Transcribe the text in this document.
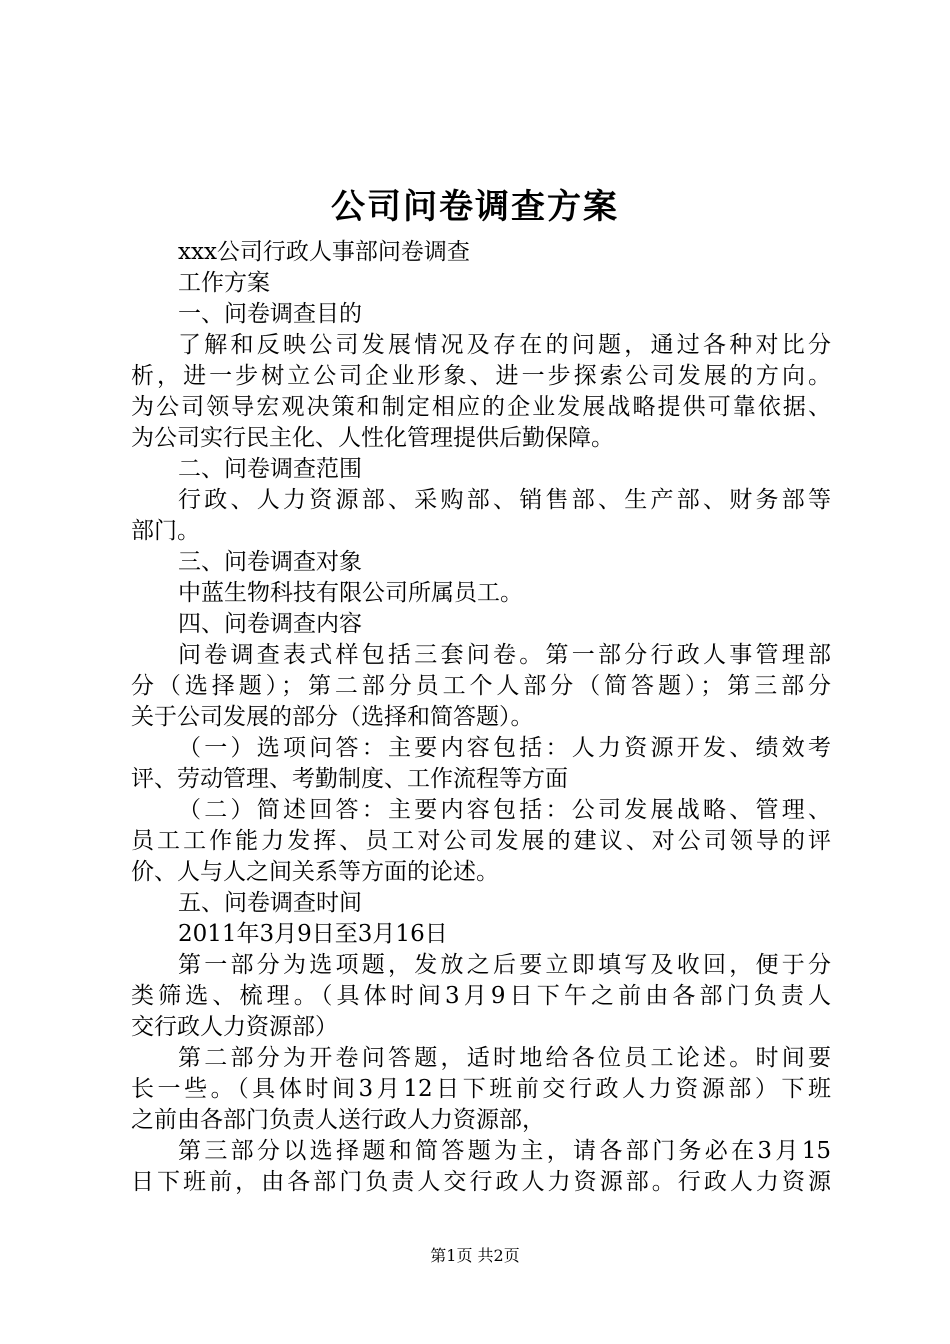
公司问卷调查方案
xxx公司行政人事部问卷调查
工作方案
一、问卷调查目的
了解和反映公司发展情况及存在的问题，通过各种对比分
析，进一步树立公司企业形象、进一步探索公司发展的方向。
为公司领导宏观决策和制定相应的企业发展战略提供可靠依据、
为公司实行民主化、人性化管理提供后勤保障。
二、问卷调查范围
行政、人力资源部、采购部、销售部、生产部、财务部等
部门。
三、问卷调查对象
中蓝生物科技有限公司所属员工。
四、问卷调查内容
问卷调查表式样包括三套问卷。第一部分行政人事管理部
分（选择题）；第二部分员工个人部分（简答题）；第三部分
关于公司发展的部分（选择和简答题）。
（一）选项问答：主要内容包括：人力资源开发、绩效考
评、劳动管理、考勤制度、工作流程等方面
（二）简述回答：主要内容包括：公司发展战略、管理、
员工工作能力发挥、员工对公司发展的建议、对公司领导的评
价、人与人之间关系等方面的论述。
五、问卷调查时间
2011年3月9日至3月16日
第一部分为选项题，发放之后要立即填写及收回，便于分
类筛选、梳理。（具体时间3月9日下午之前由各部门负责人
交行政人力资源部）
第二部分为开卷问答题，适时地给各位员工论述。时间要
长一些。（具体时间3月12日下班前交行政人力资源部）下班
之前由各部门负责人送行政人力资源部，
第三部分以选择题和简答题为主，请各部门务必在3月15
日下班前，由各部门负责人交行政人力资源部。行政人力资源
第1页 共2页
